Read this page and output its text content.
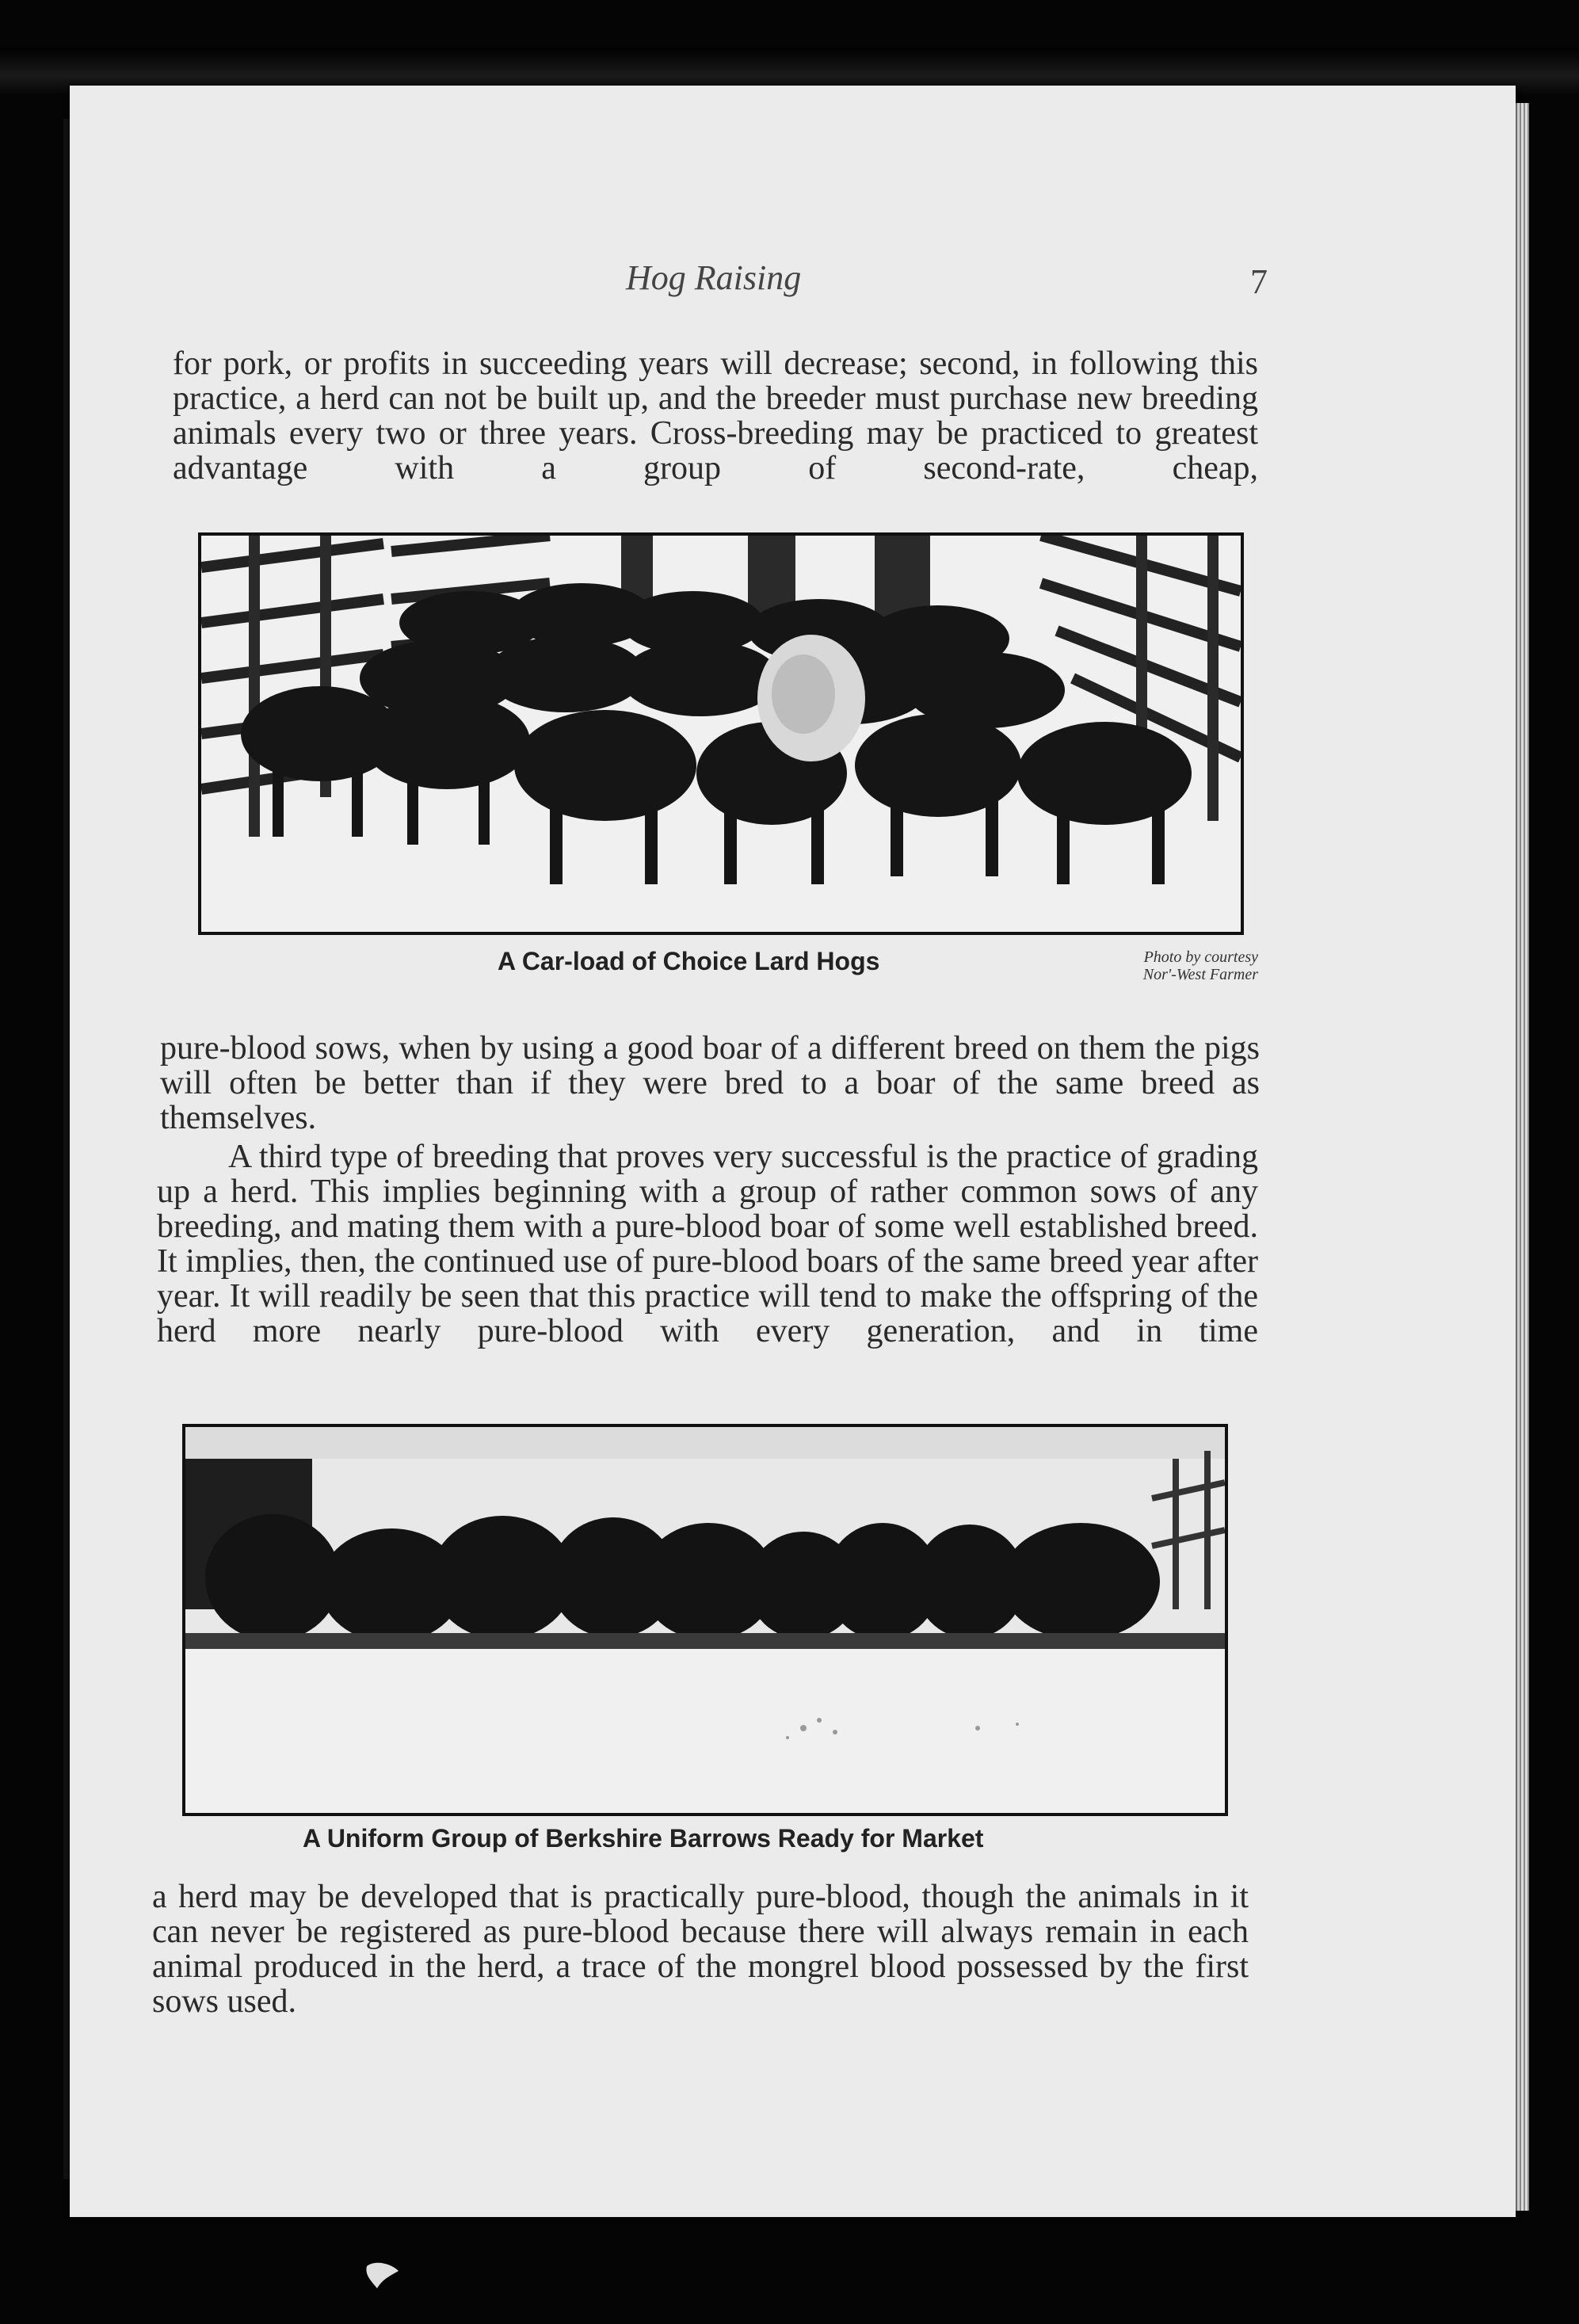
Hog Raising	7

for pork, or profits in succeeding years will decrease; second, in following this practice, a herd can not be built up, and the breeder must purchase new breeding animals every two or three years. Cross-breeding may be practiced to greatest advantage with a group of second-rate, cheap,

A Car-load of Choice Lard Hogs	Photo by courtesy
Nor'-West Farmer

pure-blood sows, when by using a good boar of a different breed on them the pigs will often be better than if they were bred to a boar of the same breed as themselves.

A third type of breeding that proves very successful is the practice of grading up a herd. This implies beginning with a group of rather common sows of any breeding, and mating them with a pure-blood boar of some well established breed. It implies, then, the continued use of pure-blood boars of the same breed year after year. It will readily be seen that this practice will tend to make the offspring of the herd more nearly pure-blood with every generation, and in time

A Uniform Group of Berkshire Barrows Ready for Market

a herd may be developed that is practically pure-blood, though the animals in it can never be registered as pure-blood because there will always remain in each animal produced in the herd, a trace of the mongrel blood possessed by the first sows used.
